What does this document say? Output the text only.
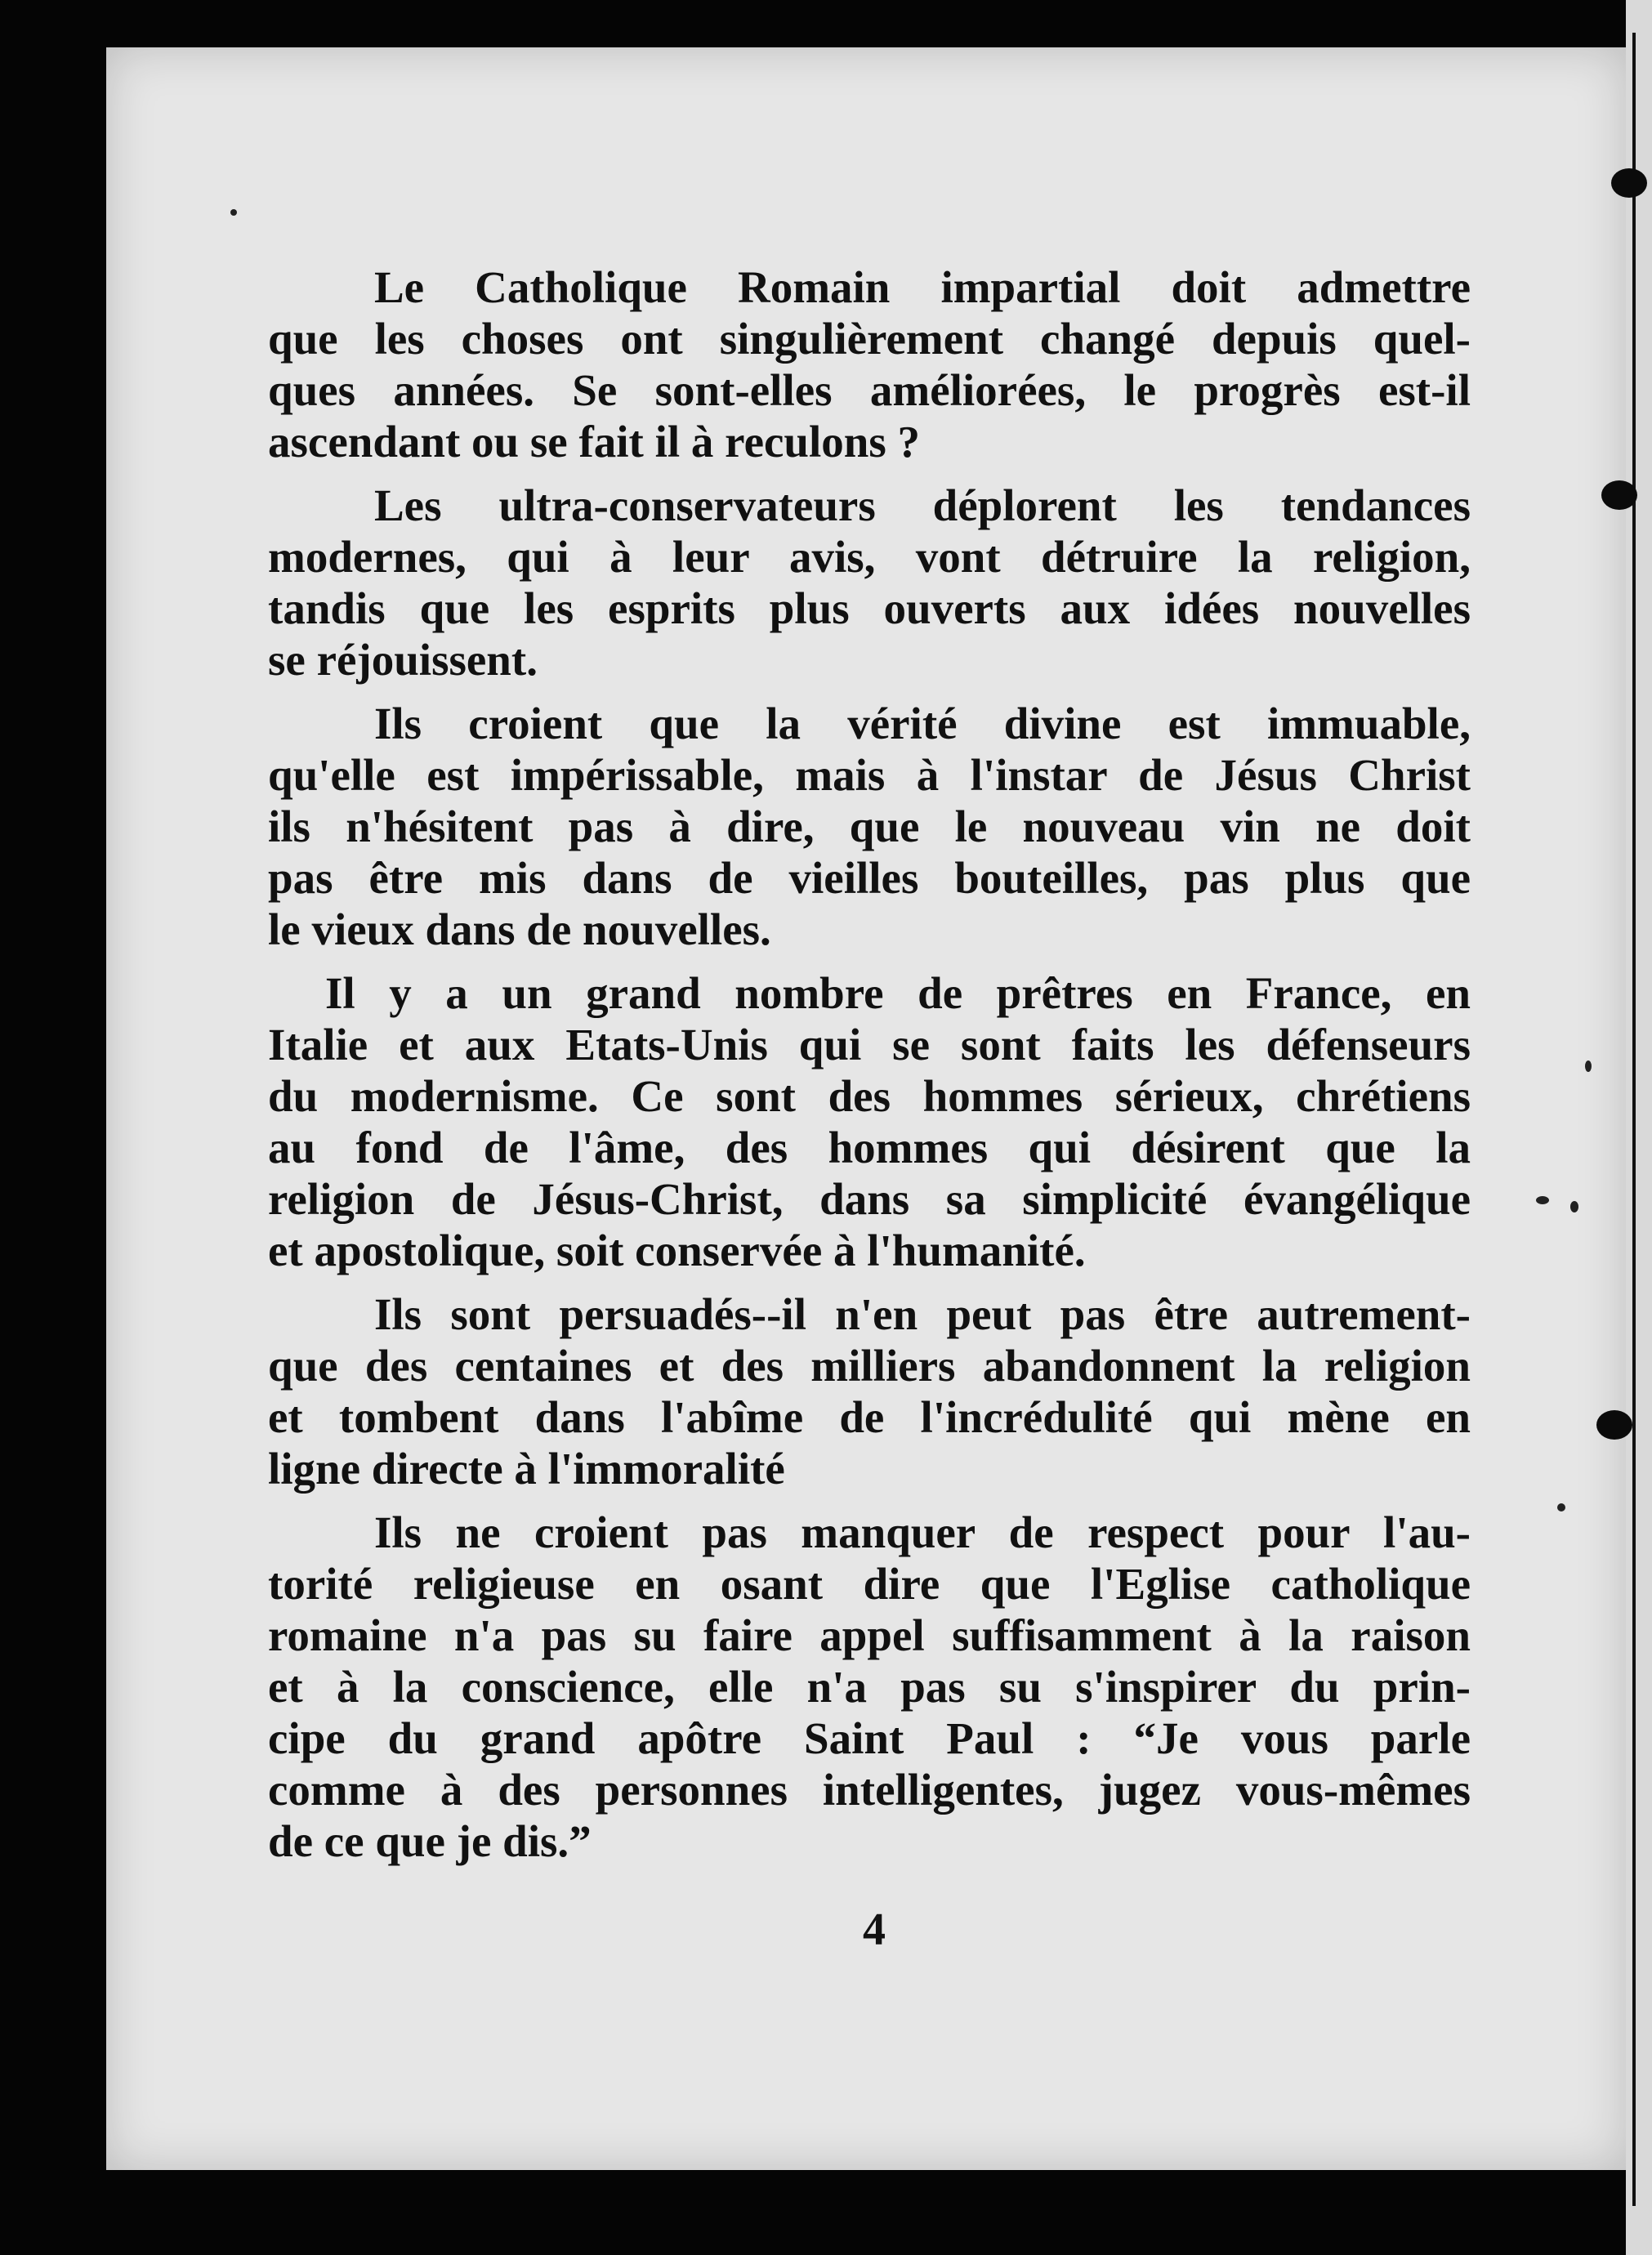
Le Catholique Romain impartial doit admettre
que les choses ont singulièrement changé depuis quel-
ques années. Se sont-elles améliorées, le progrès est-il
ascendant ou se fait il à reculons ?
Les ultra-conservateurs déplorent les tendances
modernes, qui à leur avis, vont détruire la religion,
tandis que les esprits plus ouverts aux idées nouvelles
se réjouissent.
Ils croient que la vérité divine est immuable,
qu'elle est impérissable, mais à l'instar de Jésus Christ
ils n'hésitent pas à dire, que le nouveau vin ne doit
pas être mis dans de vieilles bouteilles, pas plus que
le vieux dans de nouvelles.
Il y a un grand nombre de prêtres en France, en
Italie et aux Etats-Unis qui se sont faits les défenseurs
du modernisme. Ce sont des hommes sérieux, chrétiens
au fond de l'âme, des hommes qui désirent que la
religion de Jésus-Christ, dans sa simplicité évangélique
et apostolique, soit conservée à l'humanité.
Ils sont persuadés--il n'en peut pas être autrement-
que des centaines et des milliers abandonnent la religion
et tombent dans l'abîme de l'incrédulité qui mène en
ligne directe à l'immoralité
Ils ne croient pas manquer de respect pour l'au-
torité religieuse en osant dire que l'Eglise catholique
romaine n'a pas su faire appel suffisamment à la raison
et à la conscience, elle n'a pas su s'inspirer du prin-
cipe du grand apôtre Saint Paul : “Je vous parle
comme à des personnes intelligentes, jugez vous-mêmes
de ce que je dis.”
4
